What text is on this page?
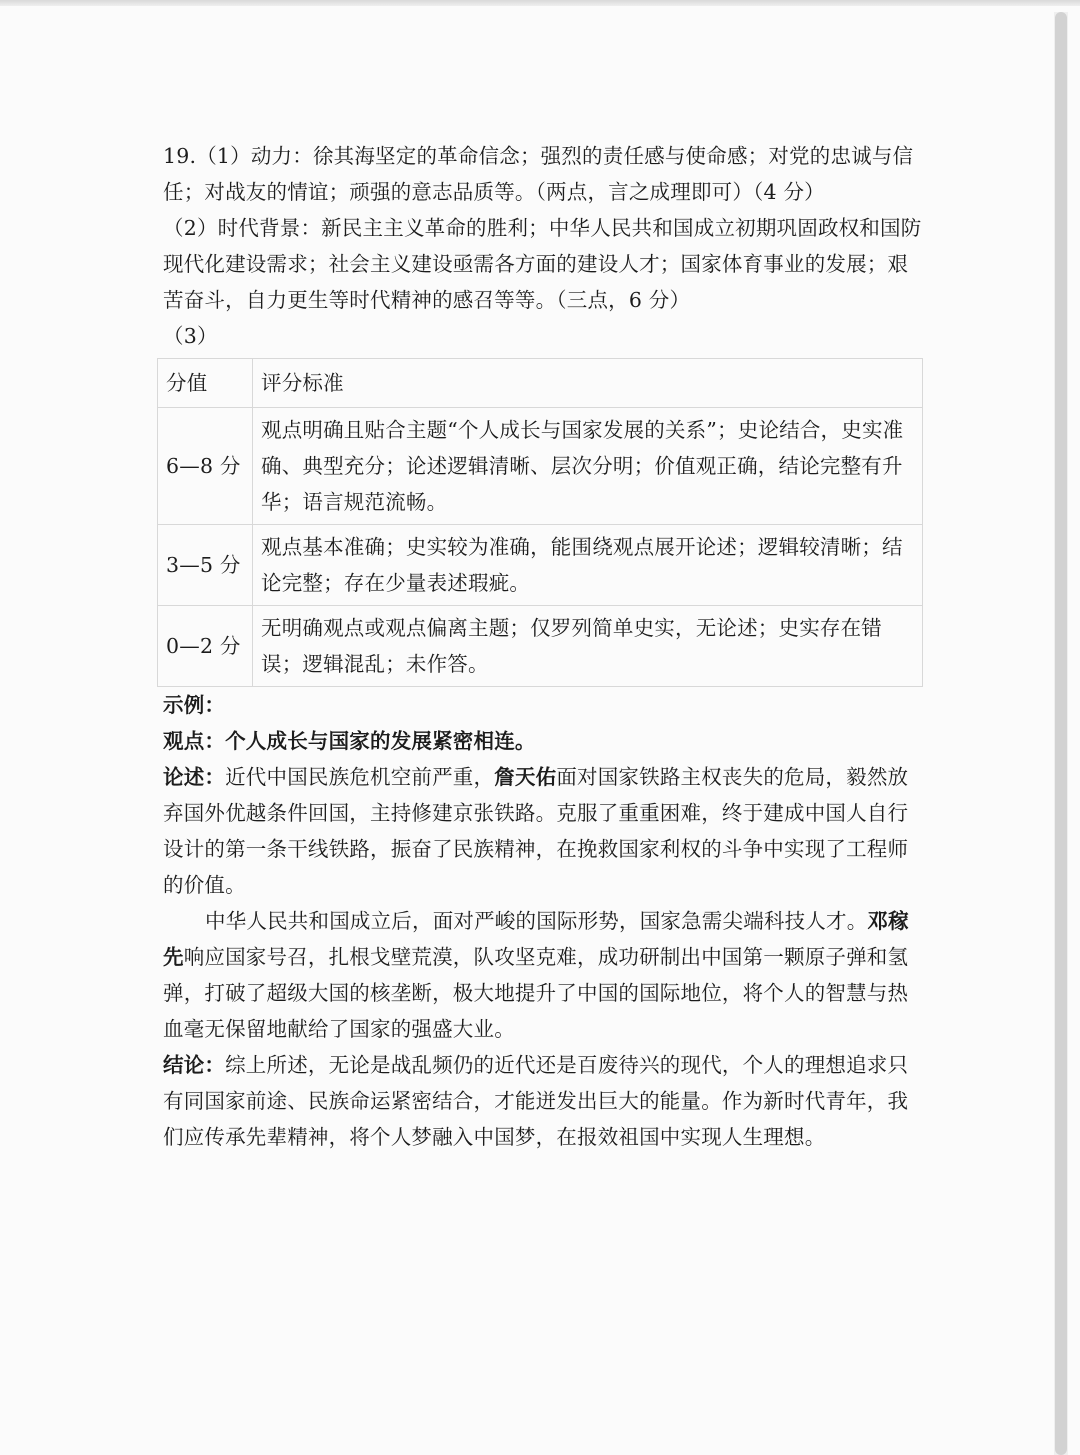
19.（1）动力：徐其海坚定的革命信念；强烈的责任感与使命感；对党的忠诚与信任；对战友的情谊；顽强的意志品质等。（两点，言之成理即可）（4 分）

（2）时代背景：新民主主义革命的胜利；中华人民共和国成立初期巩固政权和国防现代化建设需求；社会主义建设亟需各方面的建设人才；国家体育事业的发展；艰苦奋斗，自力更生等时代精神的感召等等。（三点，6 分）

（3）

分值	评分标准
6—8 分	观点明确且贴合主题“个人成长与国家发展的关系”；史论结合，史实准确、典型充分；论述逻辑清晰、层次分明；价值观正确，结论完整有升华；语言规范流畅。
3—5 分	观点基本准确；史实较为准确，能围绕观点展开论述；逻辑较清晰；结论完整；存在少量表述瑕疵。
0—2 分	无明确观点或观点偏离主题；仅罗列简单史实，无论述；史实存在错误；逻辑混乱；未作答。

示例：

观点：个人成长与国家的发展紧密相连。

论述：近代中国民族危机空前严重，詹天佑面对国家铁路主权丧失的危局，毅然放弃国外优越条件回国，主持修建京张铁路。克服了重重困难，终于建成中国人自行设计的第一条干线铁路，振奋了民族精神，在挽救国家利权的斗争中实现了工程师的价值。

中华人民共和国成立后，面对严峻的国际形势，国家急需尖端科技人才。邓稼先响应国家号召，扎根戈壁荒漠，队攻坚克难，成功研制出中国第一颗原子弹和氢弹，打破了超级大国的核垄断，极大地提升了中国的国际地位，将个人的智慧与热血毫无保留地献给了国家的强盛大业。

结论：综上所述，无论是战乱频仍的近代还是百废待兴的现代，个人的理想追求只有同国家前途、民族命运紧密结合，才能迸发出巨大的能量。作为新时代青年，我们应传承先辈精神，将个人梦融入中国梦，在报效祖国中实现人生理想。
